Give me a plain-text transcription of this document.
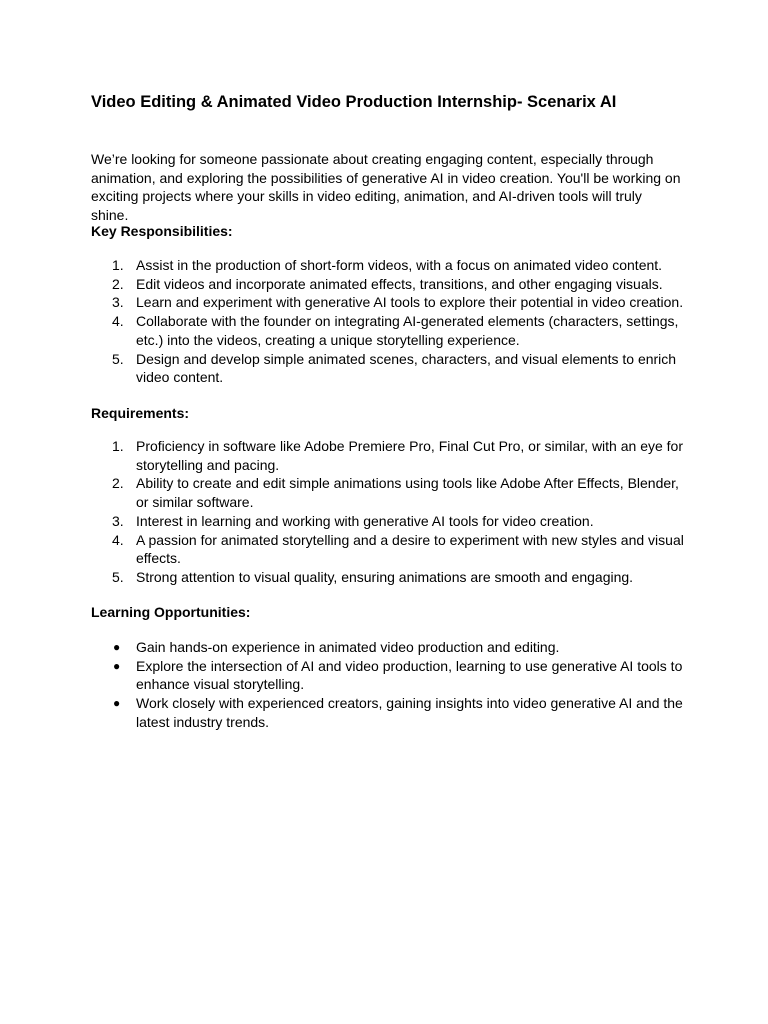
Video Editing & Animated Video Production Internship- Scenarix AI

We’re looking for someone passionate about creating engaging content, especially through animation, and exploring the possibilities of generative AI in video creation. You'll be working on exciting projects where your skills in video editing, animation, and AI-driven tools will truly shine.

Key Responsibilities:
1. Assist in the production of short-form videos, with a focus on animated video content.
2. Edit videos and incorporate animated effects, transitions, and other engaging visuals.
3. Learn and experiment with generative AI tools to explore their potential in video creation.
4. Collaborate with the founder on integrating AI-generated elements (characters, settings, etc.) into the videos, creating a unique storytelling experience.
5. Design and develop simple animated scenes, characters, and visual elements to enrich video content.
Requirements:
1. Proficiency in software like Adobe Premiere Pro, Final Cut Pro, or similar, with an eye for storytelling and pacing.
2. Ability to create and edit simple animations using tools like Adobe After Effects, Blender, or similar software.
3. Interest in learning and working with generative AI tools for video creation.
4. A passion for animated storytelling and a desire to experiment with new styles and visual effects.
5. Strong attention to visual quality, ensuring animations are smooth and engaging.
Learning Opportunities:
● Gain hands-on experience in animated video production and editing.
● Explore the intersection of AI and video production, learning to use generative AI tools to enhance visual storytelling.
● Work closely with experienced creators, gaining insights into video generative AI and the latest industry trends.
